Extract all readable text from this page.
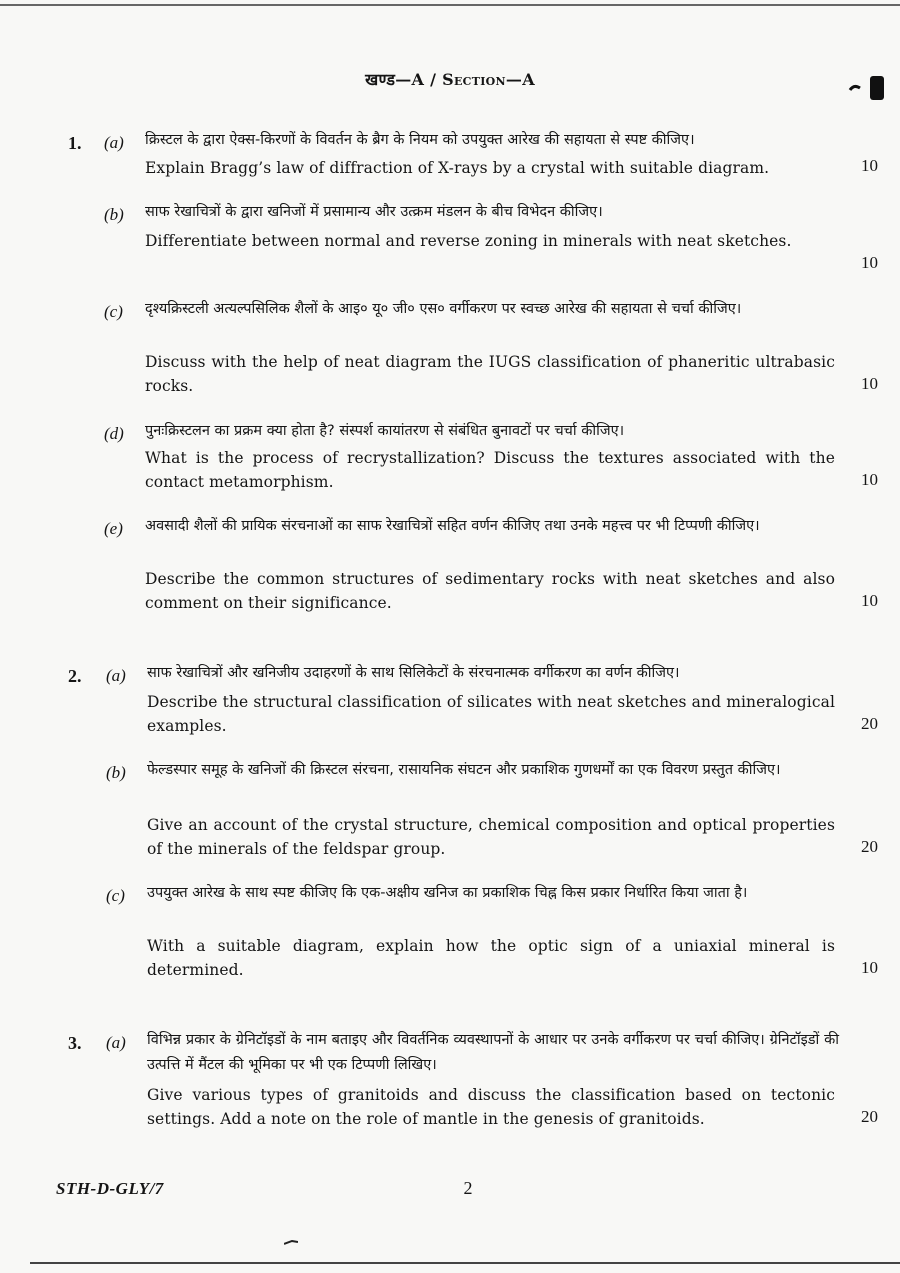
खण्ड—A / Section—A
1. (a) क्रिस्टल के द्वारा ऐक्स-किरणों के विवर्तन के ब्रैग के नियम को उपयुक्त आरेख की सहायता से स्पष्ट कीजिए।
Explain Bragg’s law of diffraction of X-rays by a crystal with suitable diagram.	10
(b) साफ रेखाचित्रों के द्वारा खनिजों में प्रसामान्य और उत्क्रम मंडलन के बीच विभेदन कीजिए।
Differentiate between normal and reverse zoning in minerals with neat sketches.
10
(c) दृश्यक्रिस्टली अत्यल्पसिलिक शैलों के आइ० यू० जी० एस० वर्गीकरण पर स्वच्छ आरेख की सहायता से चर्चा कीजिए।
Discuss with the help of neat diagram the IUGS classification of phaneritic ultrabasic rocks.	10
(d) पुनःक्रिस्टलन का प्रक्रम क्या होता है? संस्पर्श कायांतरण से संबंधित बुनावटों पर चर्चा कीजिए।
What is the process of recrystallization? Discuss the textures associated with the contact metamorphism.	10
(e) अवसादी शैलों की प्रायिक संरचनाओं का साफ रेखाचित्रों सहित वर्णन कीजिए तथा उनके महत्त्व पर भी टिप्पणी कीजिए।
Describe the common structures of sedimentary rocks with neat sketches and also comment on their significance.	10
2. (a) साफ रेखाचित्रों और खनिजीय उदाहरणों के साथ सिलिकेटों के संरचनात्मक वर्गीकरण का वर्णन कीजिए।
Describe the structural classification of silicates with neat sketches and mineralogical examples.	20
(b) फेल्डस्पार समूह के खनिजों की क्रिस्टल संरचना, रासायनिक संघटन और प्रकाशिक गुणधर्मों का एक विवरण प्रस्तुत कीजिए।
Give an account of the crystal structure, chemical composition and optical properties of the minerals of the feldspar group.	20
(c) उपयुक्त आरेख के साथ स्पष्ट कीजिए कि एक-अक्षीय खनिज का प्रकाशिक चिह्न किस प्रकार निर्धारित किया जाता है।
With a suitable diagram, explain how the optic sign of a uniaxial mineral is determined.	10
3. (a) विभिन्न प्रकार के ग्रेनिटॉइडों के नाम बताइए और विवर्तनिक व्यवस्थापनों के आधार पर उनके वर्गीकरण पर चर्चा कीजिए। ग्रेनिटॉइडों की उत्पत्ति में मैंटल की भूमिका पर भी एक टिप्पणी लिखिए।
Give various types of granitoids and discuss the classification based on tectonic settings. Add a note on the role of mantle in the genesis of granitoids.	20
STH-D-GLY/7	2
